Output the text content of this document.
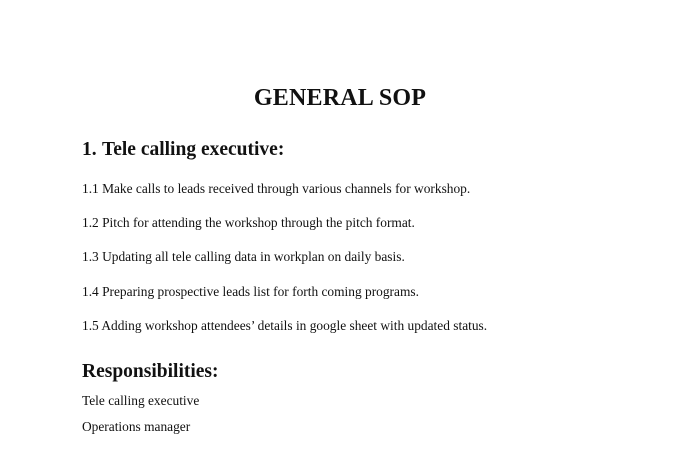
GENERAL SOP
1. Tele calling executive:
1.1 Make calls to leads received through various channels for workshop.
1.2 Pitch for attending the workshop through the pitch format.
1.3 Updating all tele calling data in workplan on daily basis.
1.4 Preparing prospective leads list for forth coming programs.
1.5 Adding workshop attendees’ details in google sheet with updated status.
Responsibilities:
Tele calling executive
Operations manager
